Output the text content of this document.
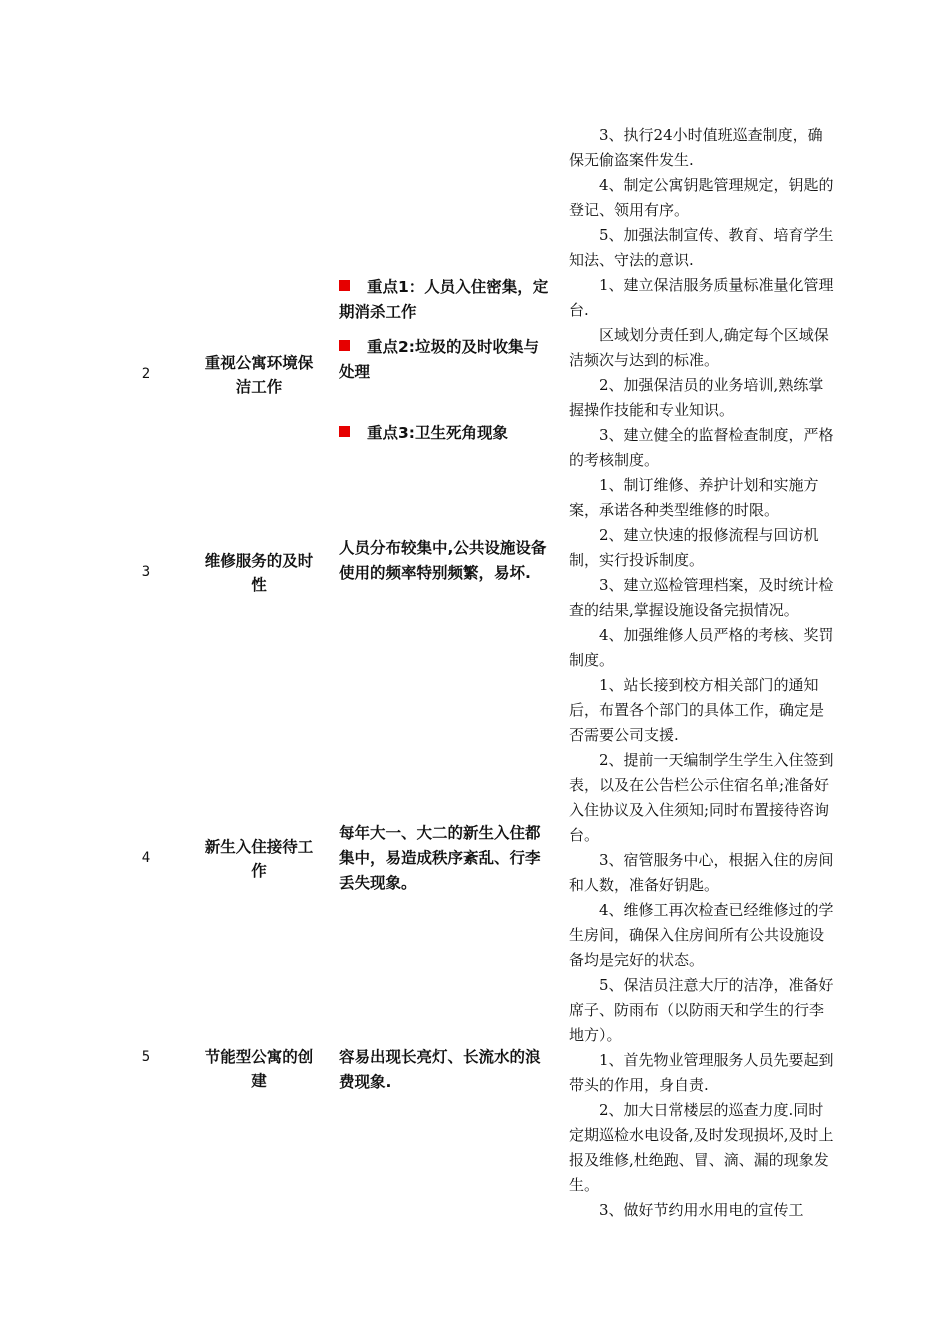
2
重视公寓环境保洁工作
重点1：人员入住密集，定期消杀工作
重点2:垃圾的及时收集与处理
重点3:卫生死角现象
3
维修服务的及时性
人员分布较集中,公共设施设备使用的频率特别频繁，易坏.
4
新生入住接待工作
每年大一、大二的新生入住都集中，易造成秩序紊乱、行李丢失现象。
5	节能型公寓的创建
容易出现长亮灯、长流水的浪费现象.
3、执行24小时值班巡查制度，确保无偷盗案件发生.
4、制定公寓钥匙管理规定，钥匙的登记、领用有序。
5、加强法制宣传、教育、培育学生知法、守法的意识.
1、建立保洁服务质量标准量化管理台.
区域划分责任到人,确定每个区域保洁频次与达到的标准。
2、加强保洁员的业务培训,熟练掌握操作技能和专业知识。
3、建立健全的监督检查制度，严格的考核制度。
1、制订维修、养护计划和实施方案，承诺各种类型维修的时限。
2、建立快速的报修流程与回访机制，实行投诉制度。
3、建立巡检管理档案，及时统计检查的结果,掌握设施设备完损情况。
4、加强维修人员严格的考核、奖罚制度。
1、站长接到校方相关部门的通知后，布置各个部门的具体工作，确定是否需要公司支援.
2、提前一天编制学生学生入住签到表，以及在公告栏公示住宿名单;准备好入住协议及入住须知;同时布置接待咨询台。
3、宿管服务中心，根据入住的房间和人数，准备好钥匙。
4、维修工再次检查已经维修过的学生房间，确保入住房间所有公共设施设备均是完好的状态。
5、保洁员注意大厅的洁净，准备好席子、防雨布（以防雨天和学生的行李地方）。
1、首先物业管理服务人员先要起到带头的作用，身自责.
2、加大日常楼层的巡查力度.同时定期巡检水电设备,及时发现损坏,及时上报及维修,杜绝跑、冒、滴、漏的现象发生。
3、做好节约用水用电的宣传工
